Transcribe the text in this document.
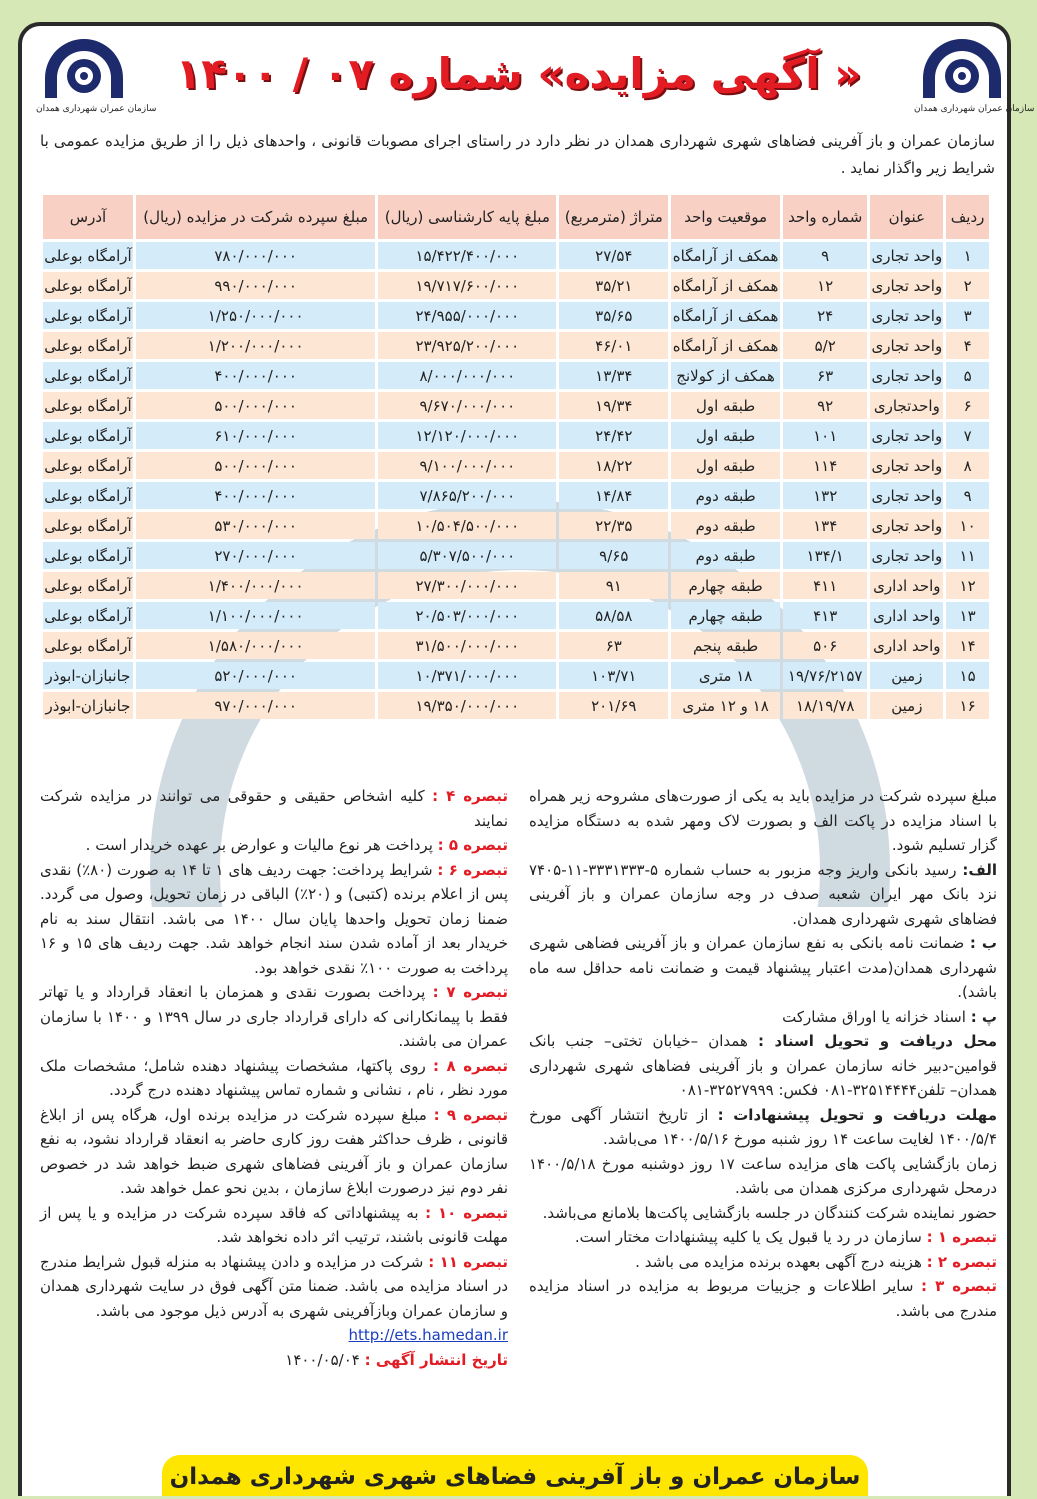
سازمان عمران شهرداری همدان
سازمان عمران شهرداری همدان
« آگهی مزایده» شماره ۰۷ / ۱۴۰۰
سازمان عمران و باز آفرینی فضاهای شهری شهرداری همدان در نظر دارد در راستای اجرای مصوبات قانونی ، واحدهای ذیل را از طریق مزایده عمومی با شرایط زیر واگذار نماید .
ردیف	عنوان	شماره واحد	موقعیت واحد	متراژ (مترمربع)	مبلغ پایه کارشناسی (ریال)	مبلغ سپرده شرکت در مزایده (ریال)	آدرس
۱	واحد تجاری	۹	همکف از آرامگاه	۲۷/۵۴	۱۵/۴۲۲/۴۰۰/۰۰۰	۷۸۰/۰۰۰/۰۰۰	آرامگاه بوعلی
۲	واحد تجاری	۱۲	همکف از آرامگاه	۳۵/۲۱	۱۹/۷۱۷/۶۰۰/۰۰۰	۹۹۰/۰۰۰/۰۰۰	آرامگاه بوعلی
۳	واحد تجاری	۲۴	همکف از آرامگاه	۳۵/۶۵	۲۴/۹۵۵/۰۰۰/۰۰۰	۱/۲۵۰/۰۰۰/۰۰۰	آرامگاه بوعلی
۴	واحد تجاری	۵/۲	همکف از آرامگاه	۴۶/۰۱	۲۳/۹۲۵/۲۰۰/۰۰۰	۱/۲۰۰/۰۰۰/۰۰۰	آرامگاه بوعلی
۵	واحد تجاری	۶۳	همکف از کولانج	۱۳/۳۴	۸/۰۰۰/۰۰۰/۰۰۰	۴۰۰/۰۰۰/۰۰۰	آرامگاه بوعلی
۶	واحدتجاری	۹۲	طبقه اول	۱۹/۳۴	۹/۶۷۰/۰۰۰/۰۰۰	۵۰۰/۰۰۰/۰۰۰	آرامگاه بوعلی
۷	واحد تجاری	۱۰۱	طبقه اول	۲۴/۴۲	۱۲/۱۲۰/۰۰۰/۰۰۰	۶۱۰/۰۰۰/۰۰۰	آرامگاه بوعلی
۸	واحد تجاری	۱۱۴	طبقه اول	۱۸/۲۲	۹/۱۰۰/۰۰۰/۰۰۰	۵۰۰/۰۰۰/۰۰۰	آرامگاه بوعلی
۹	واحد تجاری	۱۳۲	طبقه دوم	۱۴/۸۴	۷/۸۶۵/۲۰۰/۰۰۰	۴۰۰/۰۰۰/۰۰۰	آرامگاه بوعلی
۱۰	واحد تجاری	۱۳۴	طبقه دوم	۲۲/۳۵	۱۰/۵۰۴/۵۰۰/۰۰۰	۵۳۰/۰۰۰/۰۰۰	آرامگاه بوعلی
۱۱	واحد تجاری	۱۳۴/۱	طبقه دوم	۹/۶۵	۵/۳۰۷/۵۰۰/۰۰۰	۲۷۰/۰۰۰/۰۰۰	آرامگاه بوعلی
۱۲	واحد اداری	۴۱۱	طبقه چهارم	۹۱	۲۷/۳۰۰/۰۰۰/۰۰۰	۱/۴۰۰/۰۰۰/۰۰۰	آرامگاه بوعلی
۱۳	واحد اداری	۴۱۳	طبقه چهارم	۵۸/۵۸	۲۰/۵۰۳/۰۰۰/۰۰۰	۱/۱۰۰/۰۰۰/۰۰۰	آرامگاه بوعلی
۱۴	واحد اداری	۵۰۶	طبقه پنجم	۶۳	۳۱/۵۰۰/۰۰۰/۰۰۰	۱/۵۸۰/۰۰۰/۰۰۰	آرامگاه بوعلی
۱۵	زمین	۱۹/۷۶/۲۱۵۷	۱۸ متری	۱۰۳/۷۱	۱۰/۳۷۱/۰۰۰/۰۰۰	۵۲۰/۰۰۰/۰۰۰	جانبازان-ابوذر
۱۶	زمین	۱۸/۱۹/۷۸	۱۸ و ۱۲ متری	۲۰۱/۶۹	۱۹/۳۵۰/۰۰۰/۰۰۰	۹۷۰/۰۰۰/۰۰۰	جانبازان-ابوذر

مبلغ سپرده شرکت در مزایده باید به یکی از صورت‌های مشروحه زیر همراه با اسناد مزایده در پاکت الف و بصورت لاک ومهر شده به دستگاه مزایده گزار تسلیم شود.

الف: رسید بانکی واریز وجه مزبور به حساب شماره ۵-۳۳۳۱۳۳۳-۱۱-۷۴۰۵ نزد بانک مهر ایران شعبه صدف در وجه سازمان عمران و باز آفرینی فضاهای شهری شهرداری همدان.

ب : ضمانت نامه بانکی به نفع سازمان عمران و باز آفرینی فضاهی شهری شهرداری همدان(مدت اعتبار پیشنهاد قیمت و ضمانت نامه حداقل سه ماه باشد).

پ : اسناد خزانه یا اوراق مشارکت

محل دریافت و تحویل اسناد : همدان –خیابان تختی– جنب بانک قوامین-دبیر خانه سازمان عمران و باز آفرینی فضاهای شهری شهرداری همدان– تلفن۳۲۵۱۴۴۴۴-۰۸۱ فکس: ۳۲۵۲۷۹۹۹-۰۸۱

مهلت دریافت و تحویل پیشنهادات : از تاریخ انتشار آگهی مورخ ۱۴۰۰/۵/۴ لغایت ساعت ۱۴ روز شنبه مورخ ۱۴۰۰/۵/۱۶ می‌باشد.

زمان بازگشایی پاکت های مزایده ساعت ۱۷ روز دوشنبه مورخ ۱۴۰۰/۵/۱۸ درمحل شهرداری مرکزی همدان می باشد.

حضور نماینده شرکت کنندگان در جلسه بازگشایی پاکت‌ها بلامانع می‌باشد.

تبصره ۱ : سازمان در رد یا قبول یک یا کلیه پیشنهادات مختار است.

تبصره ۲ : هزینه درج آگهی بعهده برنده مزایده می باشد .

تبصره ۳ : سایر اطلاعات و جزییات مربوط به مزایده در اسناد مزایده مندرج می باشد.

تبصره ۴ : کلیه اشخاص حقیقی و حقوقی می توانند در مزایده شرکت نمایند

تبصره ۵ : پرداخت هر نوع مالیات و عوارض بر عهده خریدار است .

تبصره ۶ : شرایط پرداخت: جهت ردیف های ۱ تا ۱۴ به صورت (۸۰٪) نقدی پس از اعلام برنده (کتبی) و (۲۰٪) الباقی در زمان تحویل، وصول می گردد. ضمنا زمان تحویل واحدها پایان سال ۱۴۰۰ می باشد. انتقال سند به نام خریدار بعد از آماده شدن سند انجام خواهد شد. جهت ردیف های ۱۵ و ۱۶ پرداخت به صورت ۱۰۰٪ نقدی خواهد بود.

تبصره ۷ : پرداخت بصورت نقدی و همزمان با انعقاد قرارداد و یا تهاتر فقط با پیمانکارانی که دارای قرارداد جاری در سال ۱۳۹۹ و ۱۴۰۰ با سازمان عمران می باشند.

تبصره ۸ : روی پاکتها، مشخصات پیشنهاد دهنده شامل؛ مشخصات ملک مورد نظر ، نام ، نشانی و شماره تماس پیشنهاد دهنده درج گردد.

تبصره ۹ : مبلغ سپرده شرکت در مزایده برنده اول، هرگاه پس از ابلاغ قانونی ، ظرف حداکثر هفت روز کاری حاضر به انعقاد قرارداد نشود، به نفع سازمان عمران و باز آفرینی فضاهای شهری ضبط خواهد شد در خصوص نفر دوم نیز درصورت ابلاغ سازمان ، بدین نحو عمل خواهد شد.

تبصره ۱۰ : به پیشنهاداتی که فاقد سپرده شرکت در مزایده و یا پس از مهلت قانونی باشند، ترتیب اثر داده نخواهد شد.

تبصره ۱۱ : شرکت در مزایده و دادن پیشنهاد به منزله قبول شرایط مندرج در اسناد مزایده می باشد. ضمنا متن آگهی فوق در سایت شهرداری همدان و سازمان عمران وبازآفرینی شهری به آدرس ذیل موجود می باشد.

http://ets.hamedan.ir

تاریخ انتشار آگهی : ۱۴۰۰/۰۵/۰۴

سازمان عمران و باز آفرینی فضاهای شهری شهرداری همدان
